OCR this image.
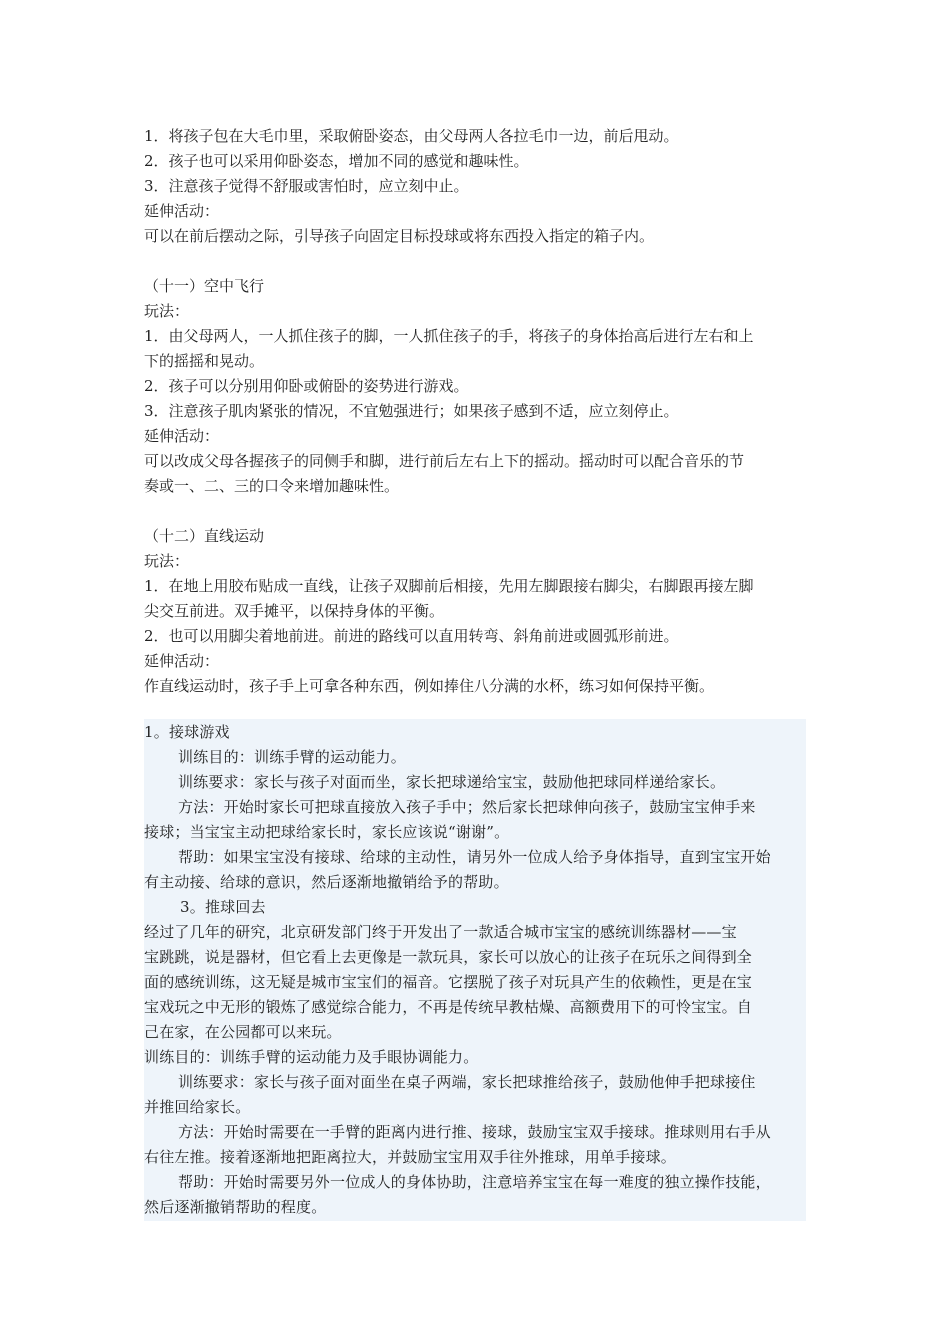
1．将孩子包在大毛巾里，采取俯卧姿态，由父母两人各拉毛巾一边，前后甩动。
2．孩子也可以采用仰卧姿态，增加不同的感觉和趣味性。
3．注意孩子觉得不舒服或害怕时，应立刻中止。
延伸活动：
可以在前后摆动之际，引导孩子向固定目标投球或将东西投入指定的箱子内。
（十一）空中飞行
玩法：
1．由父母两人，一人抓住孩子的脚，一人抓住孩子的手，将孩子的身体抬高后进行左右和上
下的摇摇和晃动。
2．孩子可以分别用仰卧或俯卧的姿势进行游戏。
3．注意孩子肌肉紧张的情况，不宜勉强进行；如果孩子感到不适，应立刻停止。
延伸活动：
可以改成父母各握孩子的同侧手和脚，进行前后左右上下的摇动。摇动时可以配合音乐的节
奏或一、二、三的口令来增加趣味性。
（十二）直线运动
玩法：
1．在地上用胶布贴成一直线，让孩子双脚前后相接，先用左脚跟接右脚尖，右脚跟再接左脚
尖交互前进。双手摊平，以保持身体的平衡。
2．也可以用脚尖着地前进。前进的路线可以直用转弯、斜角前进或圆弧形前进。
延伸活动：
作直线运动时，孩子手上可拿各种东西，例如捧住八分满的水杯，练习如何保持平衡。
1。接球游戏
训练目的：训练手臂的运动能力。
训练要求：家长与孩子对面而坐，家长把球递给宝宝，鼓励他把球同样递给家长。
方法：开始时家长可把球直接放入孩子手中；然后家长把球伸向孩子，鼓励宝宝伸手来
接球；当宝宝主动把球给家长时，家长应该说“谢谢”。
帮助：如果宝宝没有接球、给球的主动性，请另外一位成人给予身体指导，直到宝宝开始
有主动接、给球的意识，然后逐渐地撤销给予的帮助。
3。推球回去
经过了几年的研究，北京研发部门终于开发出了一款适合城市宝宝的感统训练器材——宝
宝跳跳，说是器材，但它看上去更像是一款玩具，家长可以放心的让孩子在玩乐之间得到全
面的感统训练，这无疑是城市宝宝们的福音。它摆脱了孩子对玩具产生的依赖性，更是在宝
宝戏玩之中无形的锻炼了感觉综合能力，不再是传统早教枯燥、高额费用下的可怜宝宝。自
己在家，在公园都可以来玩。
训练目的：训练手臂的运动能力及手眼协调能力。
训练要求：家长与孩子面对面坐在桌子两端，家长把球推给孩子，鼓励他伸手把球接住
并推回给家长。
方法：开始时需要在一手臂的距离内进行推、接球，鼓励宝宝双手接球。推球则用右手从
右往左推。接着逐渐地把距离拉大，并鼓励宝宝用双手往外推球，用单手接球。
帮助：开始时需要另外一位成人的身体协助，注意培养宝宝在每一难度的独立操作技能，
然后逐渐撤销帮助的程度。
